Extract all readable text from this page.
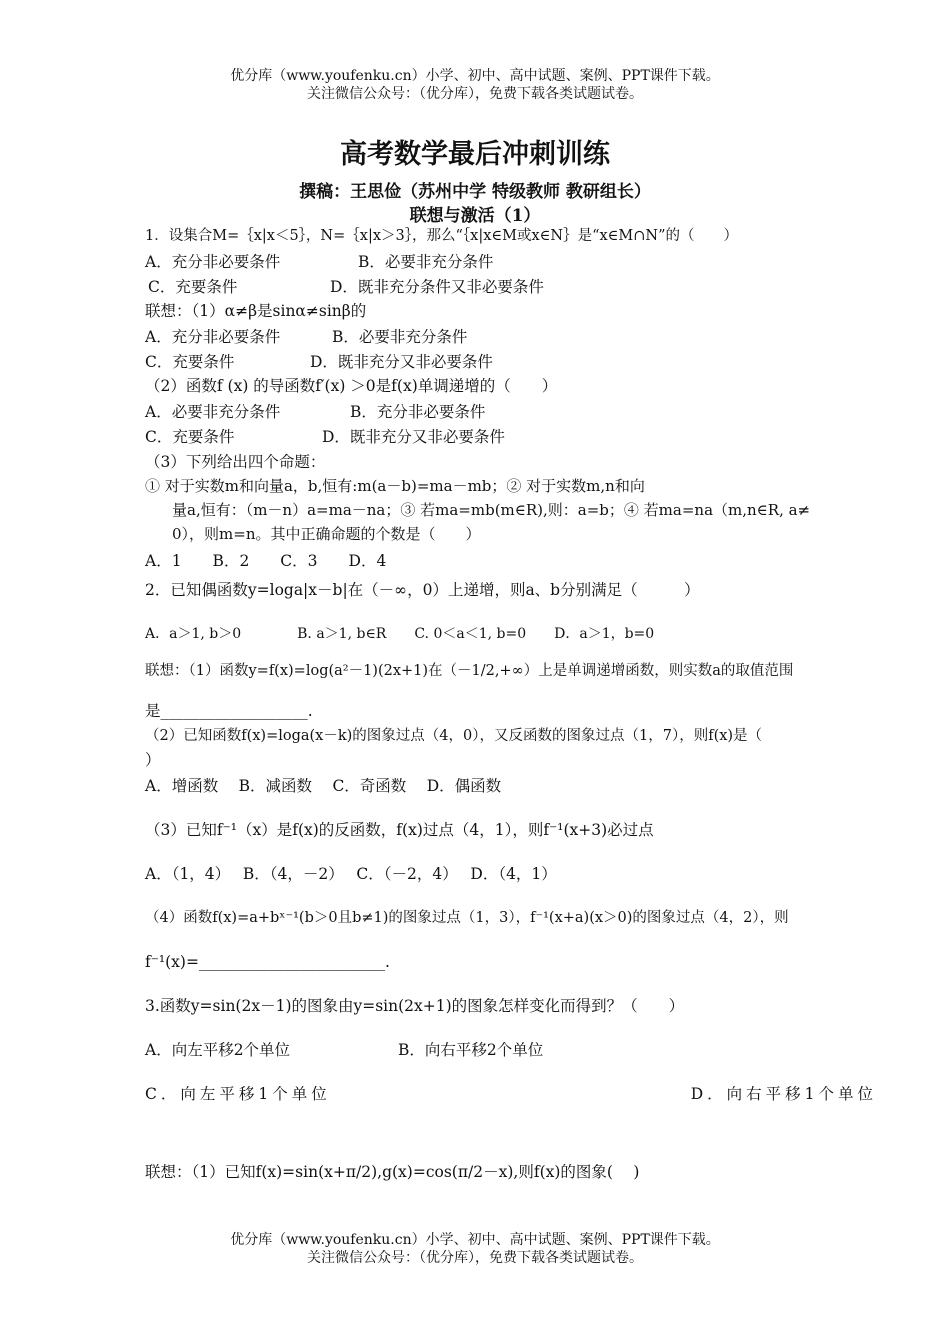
优分库（www.youfenku.cn）小学、初中、高中试题、案例、PPT课件下载。
关注微信公众号：（优分库），免费下载各类试题试卷。
高考数学最后冲刺训练
撰稿：王思俭（苏州中学 特级教师 教研组长）
联想与激活（1）
1．设集合M=｛x|x＜5｝，N=｛x|x＞3｝，那么“｛x|x∈M或x∈N｝是“x∈M∩N”的（　　）
A．充分非必要条件	B．必要非充分条件
C．充要条件	D．既非充分条件又非必要条件
联想：（1）α≠β是sinα≠sinβ的
A．充分非必要条件	B．必要非充分条件
C．充要条件	D．既非充分又非必要条件
（2）函数f (x) 的导函数f′(x) ＞0是f(x)单调递增的（　　）
A．必要非充分条件	B．充分非必要条件
C．充要条件	D．既非充分又非必要条件
（3）下列给出四个命题：
① 对于实数m和向量a，b,恒有:m(a－b)=ma－mb；② 对于实数m,n和向
量a,恒有：（m－n）a=ma－na；③ 若ma=mb(m∈R),则：a=b；④ 若ma=na（m,n∈R, a≠
0），则m=n。其中正确命题的个数是（　　）
A．1　　B．2　　C．3　　D．4
2．已知偶函数y=loga|x－b|在（－∞，0）上递增，则a、b分别满足（　　　）
A．a＞1, b＞0　　　　B. a＞1, b∈R　　C. 0＜a＜1, b=0　　D．a＞1，b=0
联想：（1）函数y=f(x)=log(a²－1)(2x+1)在（－1/2,+∞）上是单调递增函数，则实数a的取值范围
是___________________.
（2）已知函数f(x)=loga(x－k)的图象过点（4，0），又反函数的图象过点（1，7），则f(x)是（
）
A．增函数　 B．减函数　 C．奇函数　 D．偶函数
（3）已知f⁻¹（x）是f(x)的反函数，f(x)过点（4，1），则f⁻¹(x+3)必过点
A．（1，4）　 B．（4，－2）　 C．（－2，4）　 D．（4，1）
（4）函数f(x)=a+bˣ⁻¹(b＞0且b≠1)的图象过点（1，3），f⁻¹(x+a)(x＞0)的图象过点（4，2），则
f⁻¹(x)=________________________.
3.函数y=sin(2x－1)的图象由y=sin(2x+1)的图象怎样变化而得到？（　　）
A．向左平移2个单位	B．向右平移2个单位
C．向左平移1个单位	D．向右平移1个单位
联想：（1）已知f(x)=sin(x+π/2),g(x)=cos(π/2－x),则f(x)的图象(　 )
优分库（www.youfenku.cn）小学、初中、高中试题、案例、PPT课件下载。
关注微信公众号：（优分库），免费下载各类试题试卷。
